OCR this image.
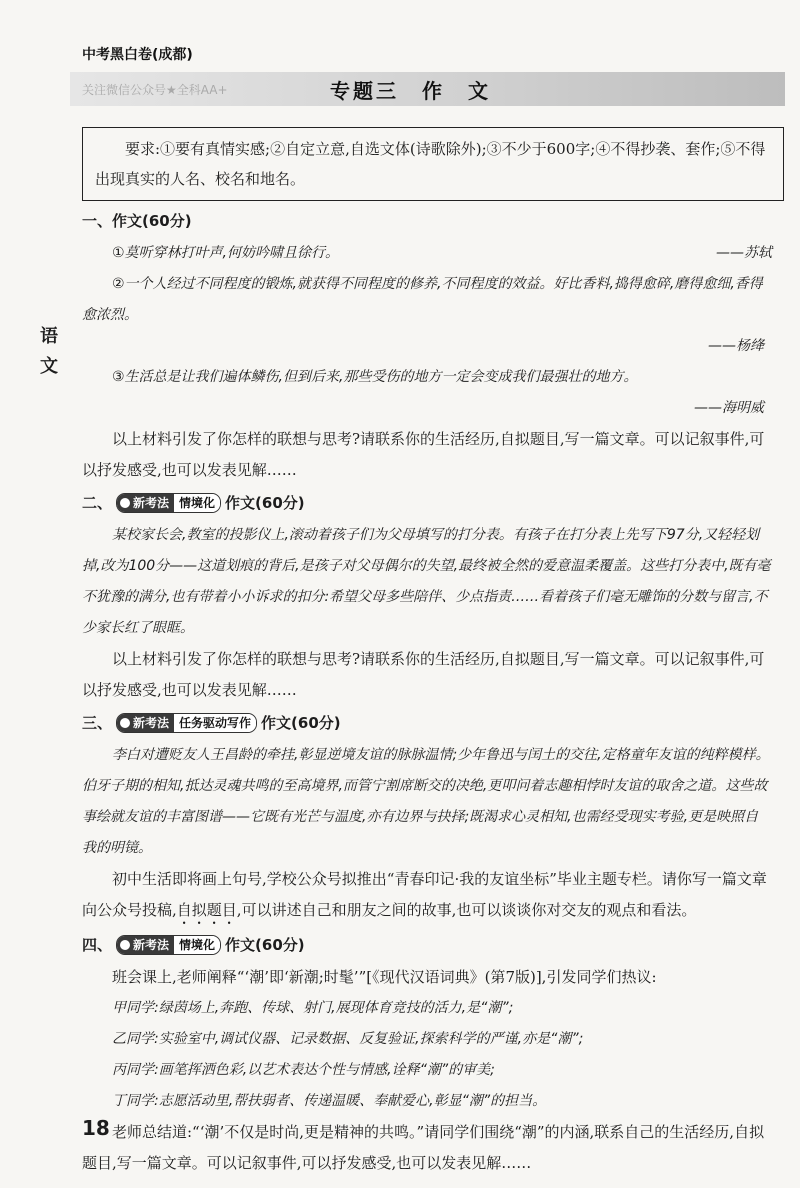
中考黑白卷(成都)
关注微信公众号★全科AA+	专题三　作　文
语
文
要求:①要有真情实感;②自定立意,自选文体(诗歌除外);③不少于600字;④不得抄袭、套作;⑤不得出现真实的人名、校名和地名。
一、作文(60分)
①莫听穿林打叶声,何妨吟啸且徐行。	——苏轼

②一个人经过不同程度的锻炼,就获得不同程度的修养,不同程度的效益。好比香料,捣得愈碎,磨得愈细,香得愈浓烈。

——杨绛

③生活总是让我们遍体鳞伤,但到后来,那些受伤的地方一定会变成我们最强壮的地方。

——海明威

以上材料引发了你怎样的联想与思考?请联系你的生活经历,自拟题目,写一篇文章。可以记叙事件,可以抒发感受,也可以发表见解……

二、 新考法 情境化 作文(60分)

某校家长会,教室的投影仪上,滚动着孩子们为父母填写的打分表。有孩子在打分表上先写下97分,又轻轻划掉,改为100分——这道划痕的背后,是孩子对父母偶尔的失望,最终被全然的爱意温柔覆盖。这些打分表中,既有毫不犹豫的满分,也有带着小小诉求的扣分:希望父母多些陪伴、少点指责……看着孩子们毫无雕饰的分数与留言,不少家长红了眼眶。

以上材料引发了你怎样的联想与思考?请联系你的生活经历,自拟题目,写一篇文章。可以记叙事件,可以抒发感受,也可以发表见解……

三、 新考法 任务驱动写作 作文(60分)

李白对遭贬友人王昌龄的牵挂,彰显逆境友谊的脉脉温情;少年鲁迅与闰土的交往,定格童年友谊的纯粹模样。伯牙子期的相知,抵达灵魂共鸣的至高境界,而管宁割席断交的决绝,更叩问着志趣相悖时友谊的取舍之道。这些故事绘就友谊的丰富图谱——它既有光芒与温度,亦有边界与抉择;既渴求心灵相知,也需经受现实考验,更是映照自我的明镜。

初中生活即将画上句号,学校公众号拟推出“青春印记·我的友谊坐标”毕业主题专栏。请你写一篇文章向公众号投稿,自拟题目,可以讲述自己和朋友之间的故事,也可以谈谈你对交友的观点和看法。

四、 新考法 情境化 作文(60分)

班会课上,老师阐释“‘潮’即‘新潮;时髦’”[《现代汉语词典》(第7版)],引发同学们热议:

甲同学:绿茵场上,奔跑、传球、射门,展现体育竞技的活力,是“潮”;

乙同学:实验室中,调试仪器、记录数据、反复验证,探索科学的严谨,亦是“潮”;

丙同学:画笔挥洒色彩,以艺术表达个性与情感,诠释“潮”的审美;

丁同学:志愿活动里,帮扶弱者、传递温暖、奉献爱心,彰显“潮”的担当。

老师总结道:“‘潮’不仅是时尚,更是精神的共鸣。”请同学们围绕“潮”的内涵,联系自己的生活经历,自拟题目,写一篇文章。可以记叙事件,可以抒发感受,也可以发表见解……

18
